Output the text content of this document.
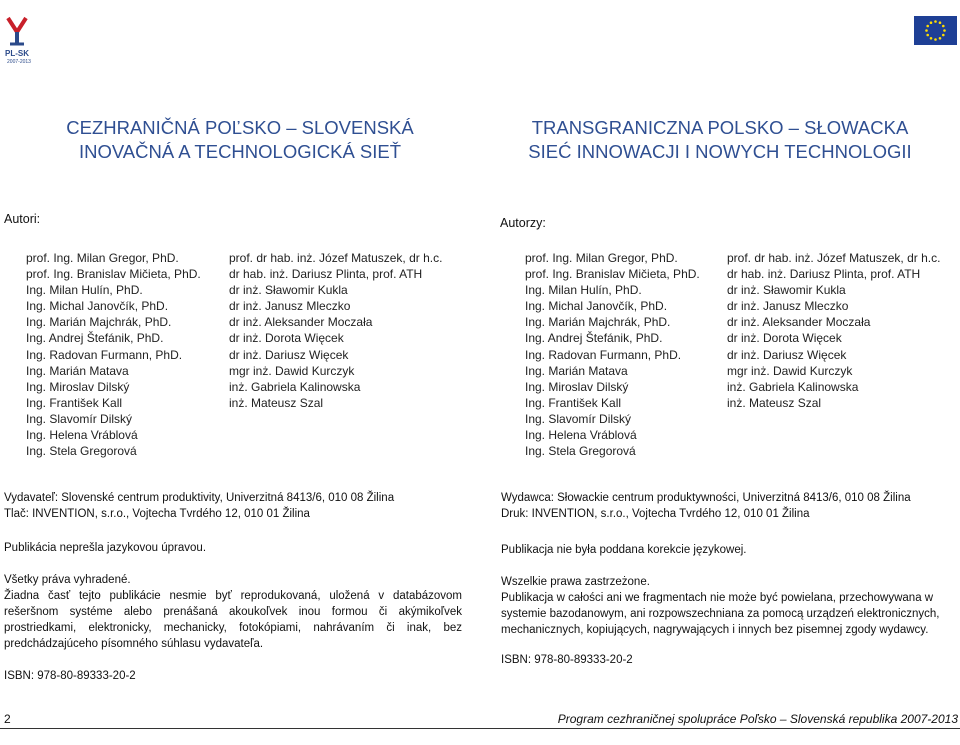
PL-SK
2007-2013
CEZHRANIČNÁ POĽSKO – SLOVENSKÁ
INOVAČNÁ A TECHNOLOGICKÁ SIEŤ
TRANSGRANICZNA POLSKO – SŁOWACKA
SIEĆ INNOWACJI I NOWYCH TECHNOLOGII
Autori:
prof. Ing. Milan Gregor, PhD.
prof. Ing. Branislav Mičieta, PhD.
Ing. Milan Hulín, PhD.
Ing. Michal Janovčík, PhD.
Ing. Marián Majchrák, PhD.
Ing. Andrej Štefánik, PhD.
Ing. Radovan Furmann, PhD.
Ing. Marián Matava
Ing. Miroslav Dilský
Ing. František Kall
Ing. Slavomír Dilský
Ing. Helena Vráblová
Ing. Stela Gregorová
prof. dr hab. inż. Józef Matuszek, dr h.c.
dr hab. inż. Dariusz Plinta, prof. ATH
dr inż. Sławomir Kukla
dr inż. Janusz Mleczko
dr inż. Aleksander Moczała
dr inż. Dorota Więcek
dr inż. Dariusz Więcek
mgr inż. Dawid Kurczyk
inż. Gabriela Kalinowska
inż. Mateusz Szal
Autorzy:
prof. Ing. Milan Gregor, PhD.
prof. Ing. Branislav Mičieta, PhD.
Ing. Milan Hulín, PhD.
Ing. Michal Janovčík, PhD.
Ing. Marián Majchrák, PhD.
Ing. Andrej Štefánik, PhD.
Ing. Radovan Furmann, PhD.
Ing. Marián Matava
Ing. Miroslav Dilský
Ing. František Kall
Ing. Slavomír Dilský
Ing. Helena Vráblová
Ing. Stela Gregorová
prof. dr hab. inż. Józef Matuszek, dr h.c.
dr hab. inż. Dariusz Plinta, prof. ATH
dr inż. Sławomir Kukla
dr inż. Janusz Mleczko
dr inż. Aleksander Moczała
dr inż. Dorota Więcek
dr inż. Dariusz Więcek
mgr inż. Dawid Kurczyk
inż. Gabriela Kalinowska
inż. Mateusz Szal
Vydavateľ: Slovenské centrum produktivity, Univerzitná 8413/6, 010 08 Žilina
Tlač: INVENTION, s.r.o., Vojtecha Tvrdého 12, 010 01 Žilina
Publikácia neprešla jazykovou úpravou.
Všetky práva vyhradené.
Žiadna časť tejto publikácie nesmie byť reprodukovaná, uložená v databázovom rešeršnom systéme alebo prenášaná akoukoľvek inou formou či akýmikoľvek prostriedkami, elektronicky, mechanicky, fotokópiami, nahrávaním či inak, bez predchádzajúceho písomného súhlasu vydavateľa.
ISBN: 978-80-89333-20-2
Wydawca: Słowackie centrum produktywności, Univerzitná 8413/6, 010 08 Žilina
Druk: INVENTION, s.r.o., Vojtecha Tvrdého 12, 010 01 Žilina
Publikacja nie była poddana korekcie językowej.
Wszelkie prawa zastrzeżone.
Publikacja w całości ani we fragmentach nie może być powielana, przechowywana w systemie bazodanowym, ani rozpowszechniana za pomocą urządzeń elektronicznych, mechanicznych, kopiujących, nagrywających i innych bez pisemnej zgody wydawcy.
ISBN: 978-80-89333-20-2
2	Program cezhraničnej spolupráce Poľsko – Slovenská republika 2007-2013
